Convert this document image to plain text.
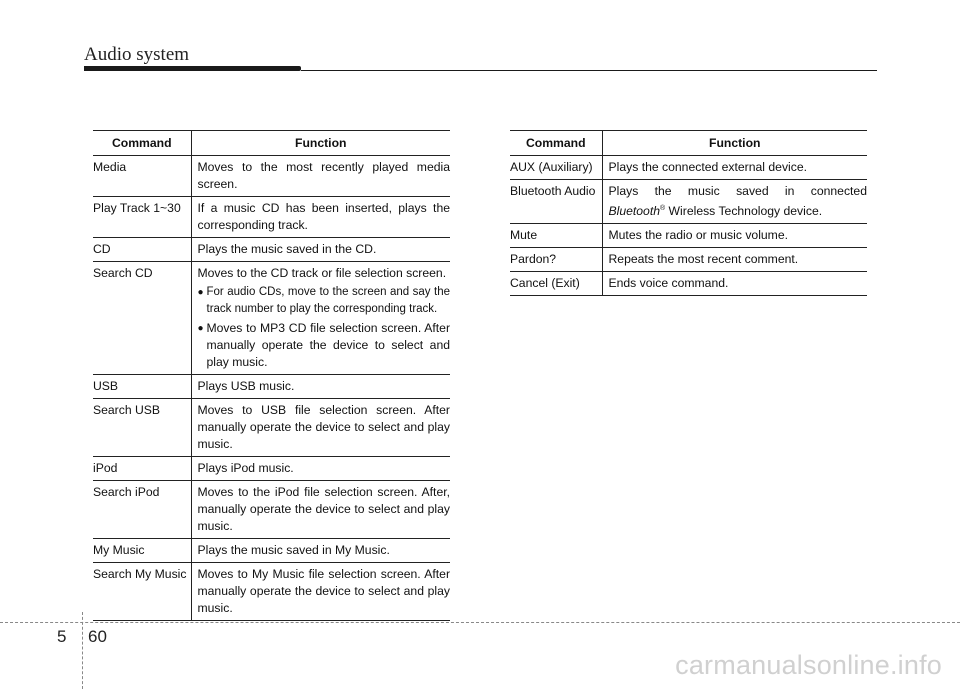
Audio system
Command	Function
Media	Moves to the most recently played media screen.
Play Track 1~30	If a music CD has been inserted, plays the corresponding track.
CD	Plays the music saved in the CD.
Search CD	Moves to the CD track or file selection screen.
● For audio CDs, move to the screen and say the track number to play the corresponding track.
● Moves to MP3 CD file selection screen. After manually operate the device to select and play music.

USB	Plays USB music.
Search USB	Moves to USB file selection screen. After manually operate the device to select and play music.
iPod	Plays iPod music.
Search iPod	Moves to the iPod file selection screen. After, manually operate the device to select and play music.
My Music	Plays the music saved in My Music.
Search My Music	Moves to My Music file selection screen. After manually operate the device to select and play music.
Command	Function
AUX (Auxiliary)	Plays the connected external device.
Bluetooth Audio	Plays the music saved in connected
Bluetooth® Wireless Technology device.

Mute	Mutes the radio or music volume.
Pardon?	Repeats the most recent comment.
Cancel (Exit)	Ends voice command.
5 60
carmanualsonline.info
